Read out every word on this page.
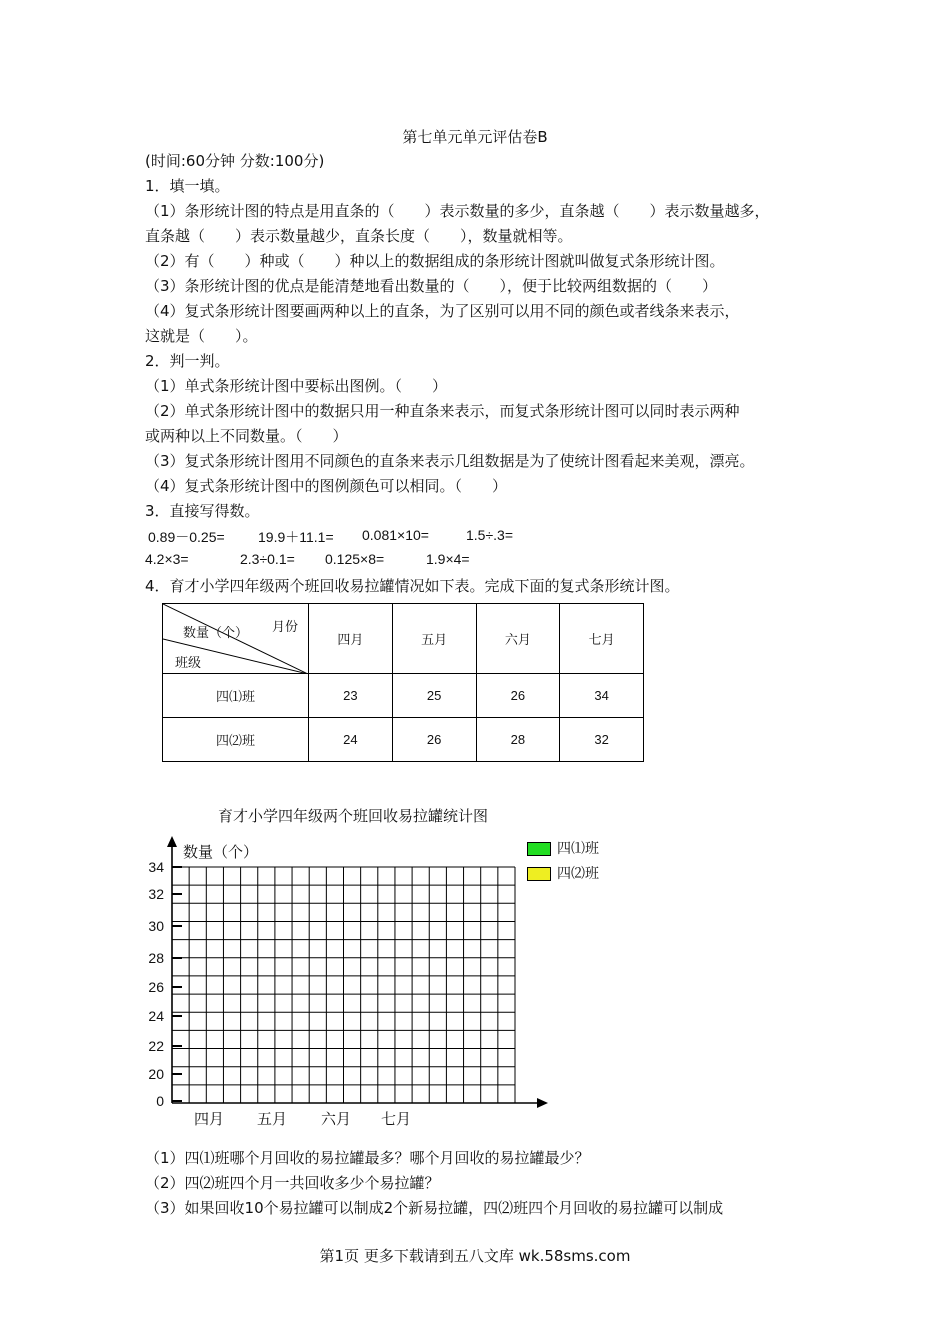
第七单元单元评估卷B
(时间:60分钟 分数:100分)
1．填一填。
（1）条形统计图的特点是用直条的（　　）表示数量的多少，直条越（　　）表示数量越多，
直条越（　　）表示数量越少，直条长度（　　），数量就相等。
（2）有（　　）种或（　　）种以上的数据组成的条形统计图就叫做复式条形统计图。
（3）条形统计图的优点是能清楚地看出数量的（　　），便于比较两组数据的（　　）
（4）复式条形统计图要画两种以上的直条，为了区别可以用不同的颜色或者线条来表示，
这就是（　　）。
2．判一判。
（1）单式条形统计图中要标出图例。（　　）
（2）单式条形统计图中的数据只用一种直条来表示，而复式条形统计图可以同时表示两种
或两种以上不同数量。（　　）
（3）复式条形统计图用不同颜色的直条来表示几组数据是为了使统计图看起来美观，漂亮。
（4）复式条形统计图中的图例颜色可以相同。（　　）
3．直接写得数。
0.89－0.25= 19.9＋11.1= 0.081×10=	1.5÷.3=
4.2×3=	2.3÷0.1= 0.125×8=	1.9×4=
4．育才小学四年级两个班回收易拉罐情况如下表。完成下面的复式条形统计图。
月份
数量（个）
班级	四月	五月	六月	七月
四⑴班	23	25	26	34
四⑵班	24	26	28	32
育才小学四年级两个班回收易拉罐统计图
四⑴班
四⑵班
34
32
30
28
26
24
22
20
0
数量（个）
四月 五月 六月 七月
（1）四⑴班哪个月回收的易拉罐最多？哪个月回收的易拉罐最少？
（2）四⑵班四个月一共回收多少个易拉罐？
（3）如果回收10个易拉罐可以制成2个新易拉罐，四⑵班四个月回收的易拉罐可以制成
第1页 更多下载请到五八文库 wk.58sms.com
